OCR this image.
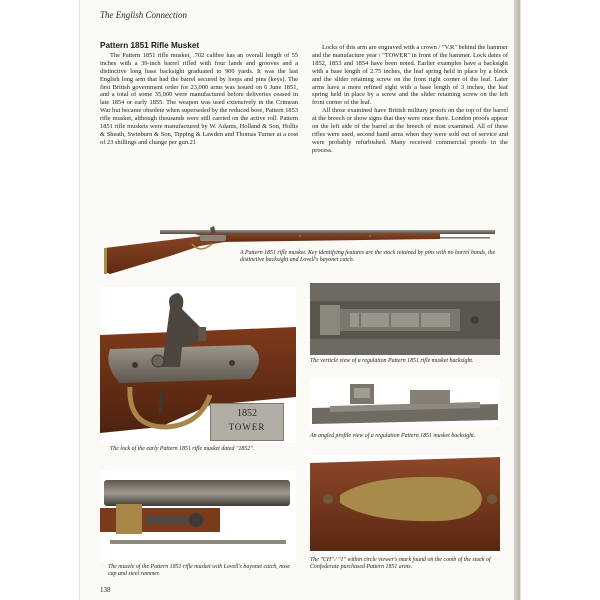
The English Connection
Pattern 1851 Rifle Musket

The Pattern 1851 rifle musket, .702 calibre has an overall length of 55 inches with a 39-inch barrel rifled with four lands and grooves and a distinctive long base backsight graduated to 900 yards. It was the last English long arm that had the barrel secured by loops and pins (keys). The first British government order for 23,000 arms was issued on 6 June 1851, and a total of some 35,000 were manufactured before deliveries ceased in late 1854 or early 1855. The weapon was used extensively in the Crimean War but became obsolete when superseded by the reduced bore, Pattern 1853 rifle musket, although thousands were still carried on the active roll. Pattern 1851 rifle muskets were manufactured by W. Adams, Holland & Son, Hollis & Sheath, Swinburn & Son, Tipping & Lawden and Thomas Turner at a cost of 23 shillings and change per gun.21

Locks of this arm are engraved with a crown / "V.R" behind the hammer and the manufacture year / "TOWER" in front of the hammer. Lock dates of 1852, 1853 and 1854 have been noted. Earlier examples have a backsight with a base length of 2.75 inches, the leaf spring held in place by a block and the slider retaining screw on the front right corner of the leaf. Later arms have a more refined sight with a base length of 3 inches, the leaf spring held in place by a screw and the slider retaining screw on the left front corner of the leaf.

All those examined have British military proofs on the top of the barrel at the breech or show signs that they were once there. London proofs appear on the left side of the barrel at the breech of most examined. All of these rifles were used, second hand arms when they were sold out of service and were probably refurbished. Many received commercial proofs in the process.

A Pattern 1851 rifle musket. Key identifying features are the stock retained by pins with no barrel bands, the distinctive backsight and Lovell's bayonet catch.
1852
TOWER
The lock of the early Pattern 1851 rifle musket dated "1852".
The verticle view of a regulation Pattern 1851 rifle musket backsight.
An angled profile view of a regulation Pattern 1851 musket backsight.
The muzzle of the Pattern 1851 rifle musket with Lovell's bayonet catch, nose cap and steel rammer.
The "CH" / "1" within circle viewer's mark found on the comb of the stock of Confederate purchased Pattern 1851 arms.
138
